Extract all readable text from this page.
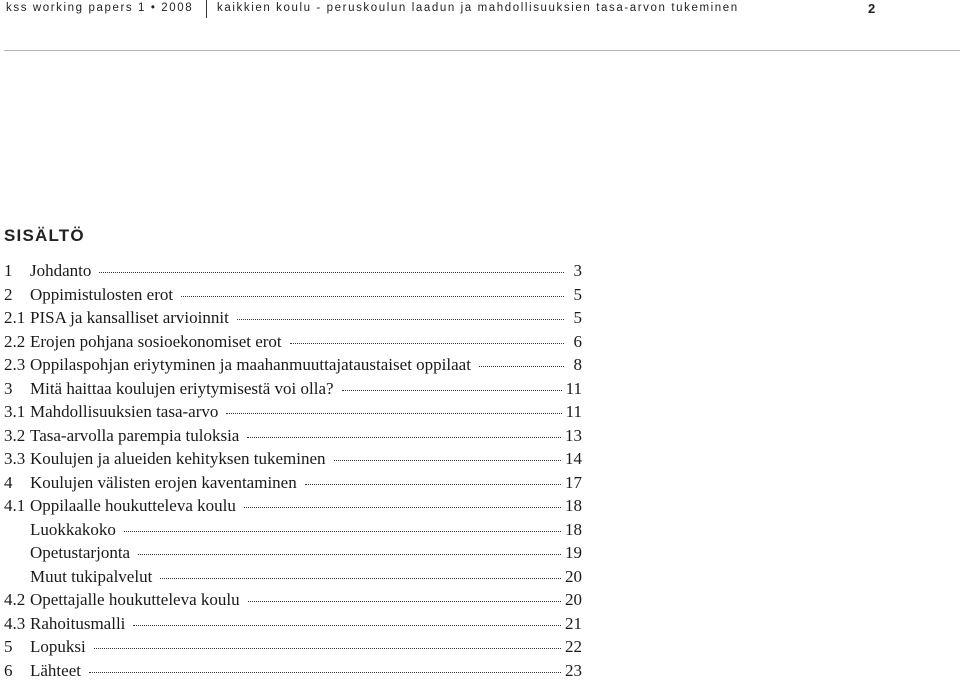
kss working papers 1 • 2008 kaikkien koulu - peruskoulun laadun ja mahdollisuuksien tasa-arvon tukeminen	2
SISÄLTÖ
1	Johdanto	3
2	Oppimistulosten erot	5
2.1 PISA ja kansalliset arvioinnit	5
2.2 Erojen pohjana sosioekonomiset erot	6
2.3 Oppilaspohjan eriytyminen ja maahanmuuttajataustaiset oppilaat	8
3	Mitä haittaa koulujen eriytymisestä voi olla?	11
3.1 Mahdollisuuksien tasa-arvo	11
3.2 Tasa-arvolla parempia tuloksia	13
3.3 Koulujen ja alueiden kehityksen tukeminen	14
4	Koulujen välisten erojen kaventaminen	17
4.1 Oppilaalle houkutteleva koulu	18
Luokkakoko	18
Opetustarjonta	19
Muut tukipalvelut	20
4.2 Opettajalle houkutteleva koulu	20
4.3 Rahoitusmalli	21
5	Lopuksi	22
6	Lähteet	23
